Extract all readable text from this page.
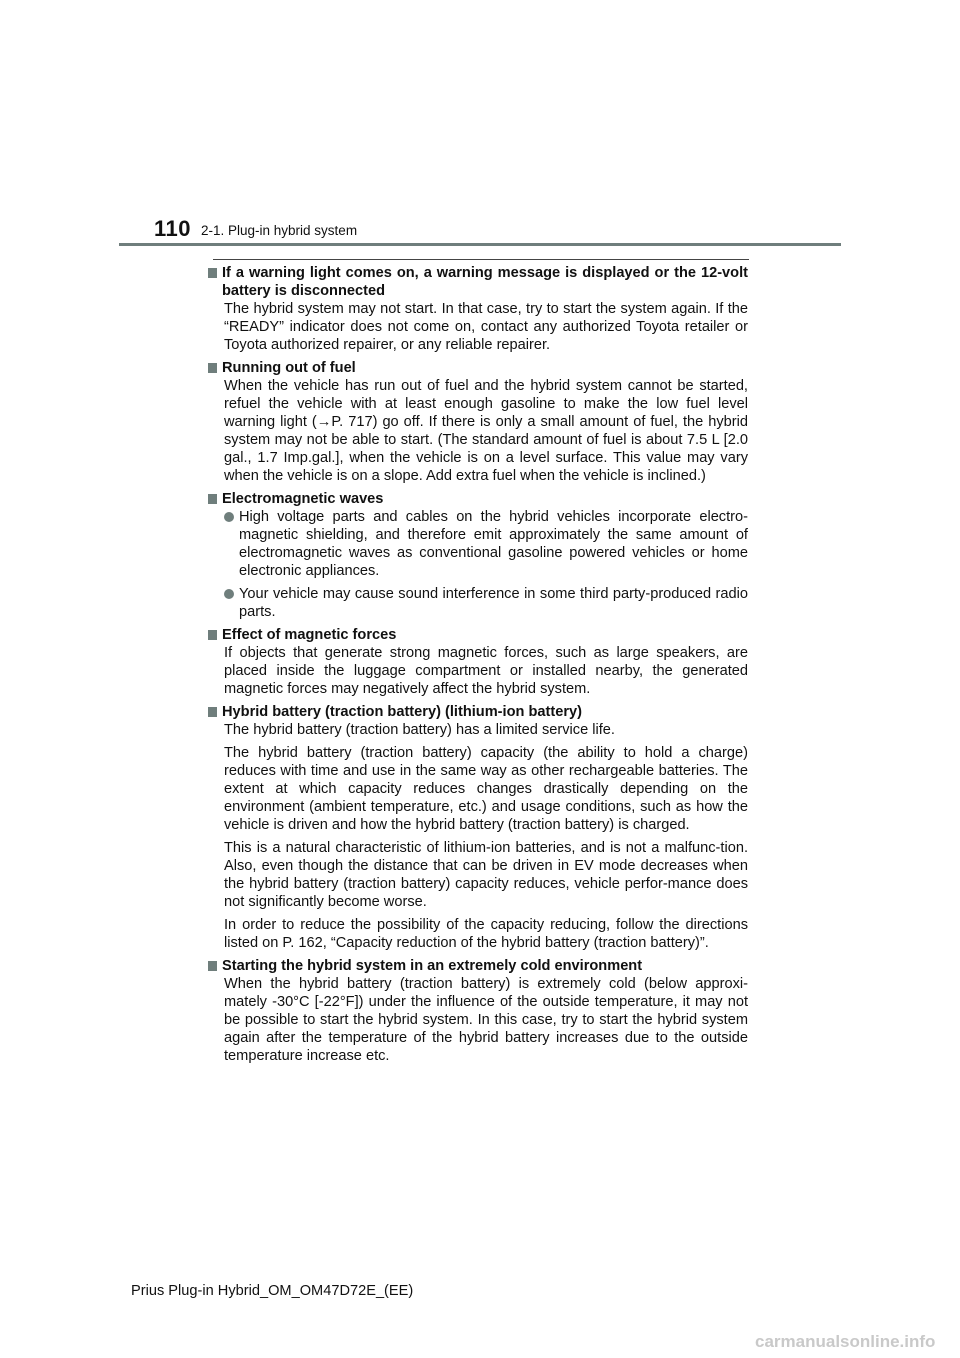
110 2-1. Plug-in hybrid system
If a warning light comes on, a warning message is displayed or the 12-volt battery is disconnected

The hybrid system may not start. In that case, try to start the system again. If the “READY” indicator does not come on, contact any authorized Toyota retailer or Toyota authorized repairer, or any reliable repairer.

Running out of fuel

When the vehicle has run out of fuel and the hybrid system cannot be started, refuel the vehicle with at least enough gasoline to make the low fuel level warning light (→P. 717) go off. If there is only a small amount of fuel, the hybrid system may not be able to start. (The standard amount of fuel is about 7.5 L [2.0 gal., 1.7 Imp.gal.], when the vehicle is on a level surface. This value may vary when the vehicle is on a slope. Add extra fuel when the vehicle is inclined.)

Electromagnetic waves
High voltage parts and cables on the hybrid vehicles incorporate electro-magnetic shielding, and therefore emit approximately the same amount of electromagnetic waves as conventional gasoline powered vehicles or home electronic appliances.
Your vehicle may cause sound interference in some third party-produced radio parts.
Effect of magnetic forces

If objects that generate strong magnetic forces, such as large speakers, are placed inside the luggage compartment or installed nearby, the generated magnetic forces may negatively affect the hybrid system.

Hybrid battery (traction battery) (lithium-ion battery)

The hybrid battery (traction battery) has a limited service life.

The hybrid battery (traction battery) capacity (the ability to hold a charge) reduces with time and use in the same way as other rechargeable batteries. The extent at which capacity reduces changes drastically depending on the environment (ambient temperature, etc.) and usage conditions, such as how the vehicle is driven and how the hybrid battery (traction battery) is charged.

This is a natural characteristic of lithium-ion batteries, and is not a malfunc-tion. Also, even though the distance that can be driven in EV mode decreases when the hybrid battery (traction battery) capacity reduces, vehicle perfor-mance does not significantly become worse.

In order to reduce the possibility of the capacity reducing, follow the directions listed on P. 162, “Capacity reduction of the hybrid battery (traction battery)”.

Starting the hybrid system in an extremely cold environment

When the hybrid battery (traction battery) is extremely cold (below approxi-mately -30°C [-22°F]) under the influence of the outside temperature, it may not be possible to start the hybrid system. In this case, try to start the hybrid system again after the temperature of the hybrid battery increases due to the outside temperature increase etc.

Prius Plug-in Hybrid_OM_OM47D72E_(EE)
carmanualsonline.info
